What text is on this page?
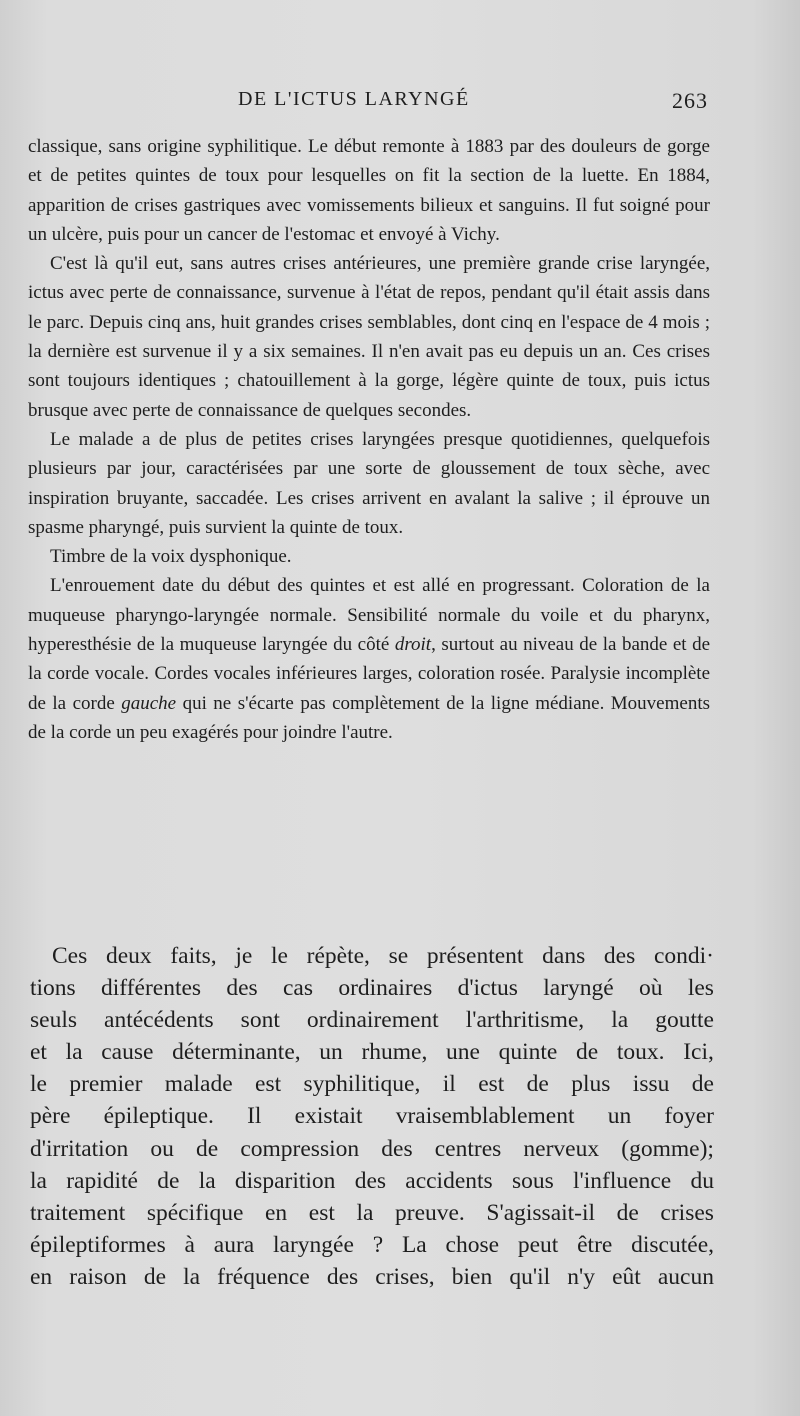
DE L'ICTUS LARYNGÉ	263

classique, sans origine syphilitique. Le début remonte à 1883 par des douleurs de gorge et de petites quintes de toux pour lesquelles on fit la section de la luette. En 1884, apparition de crises gastriques avec vomissements bilieux et sanguins. Il fut soigné pour un ulcère, puis pour un cancer de l'estomac et envoyé à Vichy.

C'est là qu'il eut, sans autres crises antérieures, une première grande crise laryngée, ictus avec perte de connaissance, survenue à l'état de repos, pendant qu'il était assis dans le parc. Depuis cinq ans, huit grandes crises semblables, dont cinq en l'espace de 4 mois ; la dernière est survenue il y a six semaines. Il n'en avait pas eu depuis un an. Ces crises sont toujours identiques ; chatouillement à la gorge, légère quinte de toux, puis ictus brusque avec perte de connaissance de quelques secondes.

Le malade a de plus de petites crises laryngées presque quotidiennes, quelquefois plusieurs par jour, caractérisées par une sorte de gloussement de toux sèche, avec inspiration bruyante, saccadée. Les crises arrivent en avalant la salive ; il éprouve un spasme pharyngé, puis survient la quinte de toux.

Timbre de la voix dysphonique.

L'enrouement date du début des quintes et est allé en progressant. Coloration de la muqueuse pharyngo-laryngée normale. Sensibilité normale du voile et du pharynx, hyperesthésie de la muqueuse laryngée du côté droit, surtout au niveau de la bande et de la corde vocale. Cordes vocales inférieures larges, coloration rosée. Paralysie incomplète de la corde gauche qui ne s'écarte pas complètement de la ligne médiane. Mouvements de la corde un peu exagérés pour joindre l'autre.

Ces deux faits, je le répète, se présentent dans des condi·
tions différentes des cas ordinaires d'ictus laryngé où les
seuls antécédents sont ordinairement l'arthritisme, la goutte
et la cause déterminante, un rhume, une quinte de toux. Ici,
le premier malade est syphilitique, il est de plus issu de
père épileptique. Il existait vraisemblablement un foyer
d'irritation ou de compression des centres nerveux (gomme);
la rapidité de la disparition des accidents sous l'influence du
traitement spécifique en est la preuve. S'agissait-il de crises
épileptiformes à aura laryngée ? La chose peut être discutée,
en raison de la fréquence des crises, bien qu'il n'y eût aucun
